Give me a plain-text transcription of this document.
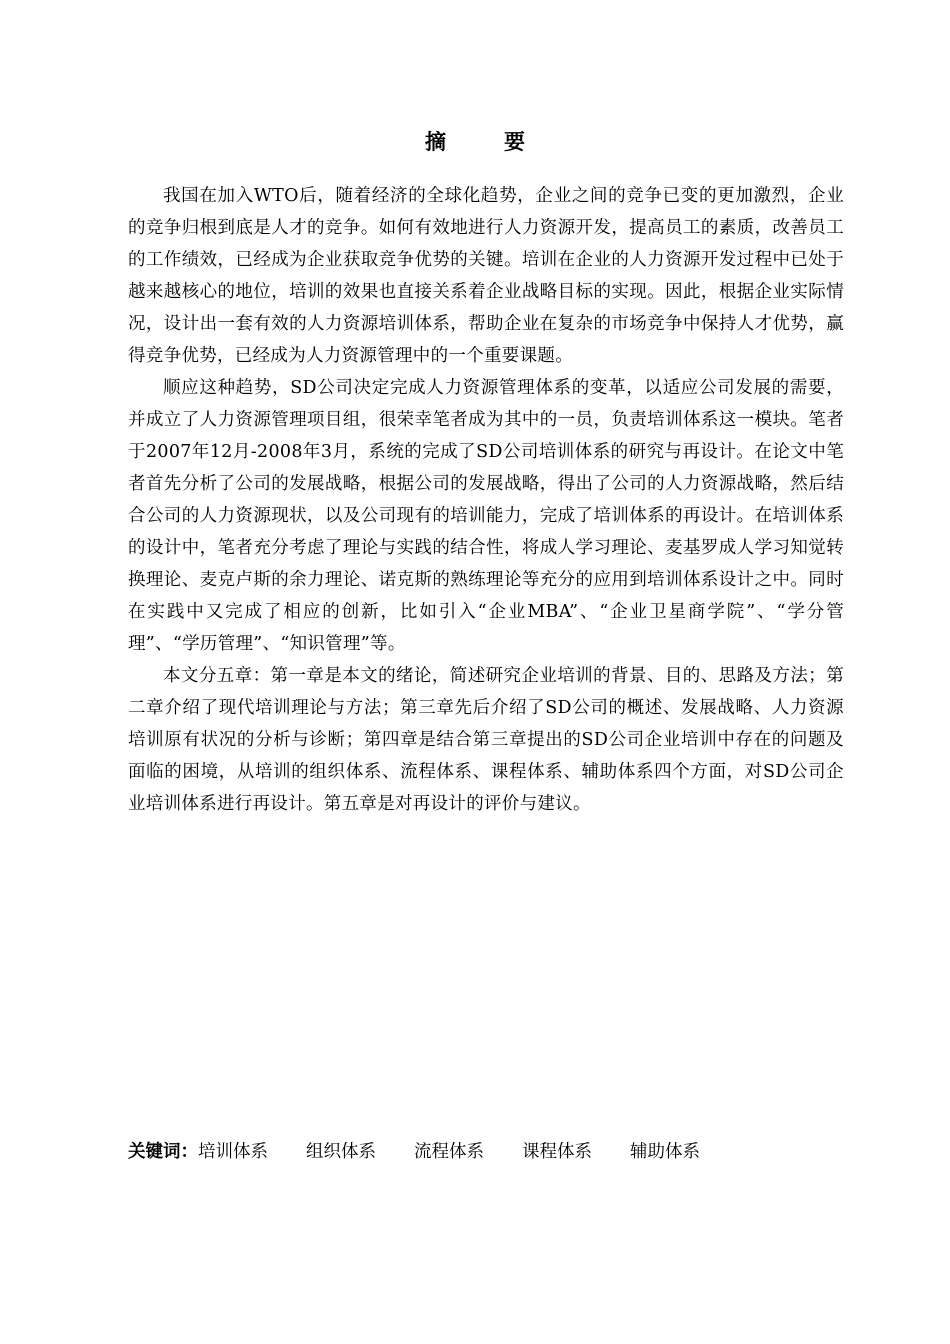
摘	要

我国在加入WTO后，随着经济的全球化趋势，企业之间的竞争已变的更加激烈，企业的竞争归根到底是人才的竞争。如何有效地进行人力资源开发，提高员工的素质，改善员工的工作绩效，已经成为企业获取竞争优势的关键。培训在企业的人力资源开发过程中已处于越来越核心的地位，培训的效果也直接关系着企业战略目标的实现。因此，根据企业实际情况，设计出一套有效的人力资源培训体系，帮助企业在复杂的市场竞争中保持人才优势，赢得竞争优势，已经成为人力资源管理中的一个重要课题。

顺应这种趋势，SD公司决定完成人力资源管理体系的变革，以适应公司发展的需要，并成立了人力资源管理项目组，很荣幸笔者成为其中的一员，负责培训体系这一模块。笔者于2007年12月-2008年3月，系统的完成了SD公司培训体系的研究与再设计。在论文中笔者首先分析了公司的发展战略，根据公司的发展战略，得出了公司的人力资源战略，然后结合公司的人力资源现状，以及公司现有的培训能力，完成了培训体系的再设计。在培训体系的设计中，笔者充分考虑了理论与实践的结合性，将成人学习理论、麦基罗成人学习知觉转换理论、麦克卢斯的余力理论、诺克斯的熟练理论等充分的应用到培训体系设计之中。同时在实践中又完成了相应的创新，比如引入“企业MBA”、“企业卫星商学院”、“学分管理”、“学历管理”、“知识管理”等。

本文分五章：第一章是本文的绪论，简述研究企业培训的背景、目的、思路及方法；第二章介绍了现代培训理论与方法；第三章先后介绍了SD公司的概述、发展战略、人力资源培训原有状况的分析与诊断；第四章是结合第三章提出的SD公司企业培训中存在的问题及面临的困境，从培训的组织体系、流程体系、课程体系、辅助体系四个方面，对SD公司企业培训体系进行再设计。第五章是对再设计的评价与建议。

关键词：培训体系 组织体系 流程体系 课程体系 辅助体系
